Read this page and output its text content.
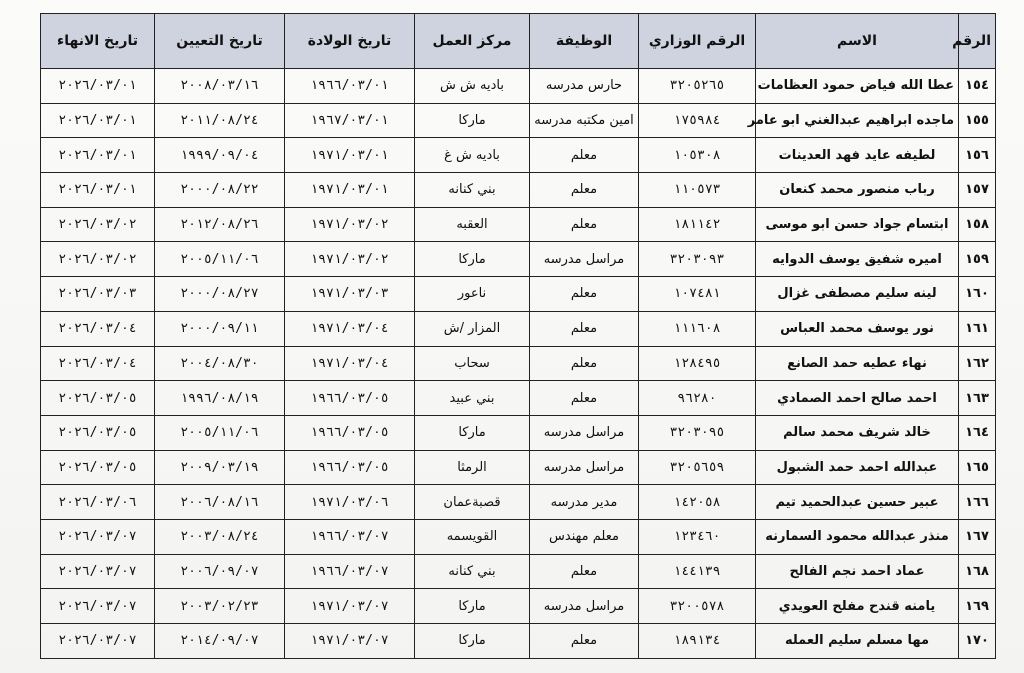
الرقم	الاسم	الرقم الوزاري	الوظيفة	مركز العمل	تاريخ الولادة	تاريخ التعيين	تاريخ الانهاء
١٥٤	عطا الله فياض حمود العظامات	٣٢٠٥٢٦٥	حارس مدرسه	باديه ش ش	١٩٦٦/٠٣/٠١	٢٠٠٨/٠٣/١٦	٢٠٢٦/٠٣/٠١
١٥٥	ماجده ابراهيم عبدالغني ابو عامر	١٧٥٩٨٤	امين مكتبه مدرسه	ماركا	١٩٦٧/٠٣/٠١	٢٠١١/٠٨/٢٤	٢٠٢٦/٠٣/٠١
١٥٦	لطيفه عايد فهد العدينات	١٠٥٣٠٨	معلم	باديه ش غ	١٩٧١/٠٣/٠١	١٩٩٩/٠٩/٠٤	٢٠٢٦/٠٣/٠١
١٥٧	رباب منصور محمد كنعان	١١٠٥٧٣	معلم	بني كنانه	١٩٧١/٠٣/٠١	٢٠٠٠/٠٨/٢٢	٢٠٢٦/٠٣/٠١
١٥٨	ابتسام جواد حسن ابو موسى	١٨١١٤٢	معلم	العقبه	١٩٧١/٠٣/٠٢	٢٠١٢/٠٨/٢٦	٢٠٢٦/٠٣/٠٢
١٥٩	اميره شفيق يوسف الدوايه	٣٢٠٣٠٩٣	مراسل مدرسه	ماركا	١٩٧١/٠٣/٠٢	٢٠٠٥/١١/٠٦	٢٠٢٦/٠٣/٠٢
١٦٠	لينه سليم مصطفى غزال	١٠٧٤٨١	معلم	ناعور	١٩٧١/٠٣/٠٣	٢٠٠٠/٠٨/٢٧	٢٠٢٦/٠٣/٠٣
١٦١	نور يوسف محمد العباس	١١١٦٠٨	معلم	المزار /ش	١٩٧١/٠٣/٠٤	٢٠٠٠/٠٩/١١	٢٠٢٦/٠٣/٠٤
١٦٢	نهاء عطيه حمد الصانع	١٢٨٤٩٥	معلم	سحاب	١٩٧١/٠٣/٠٤	٢٠٠٤/٠٨/٣٠	٢٠٢٦/٠٣/٠٤
١٦٣	احمد صالح احمد الصمادي	٩٦٢٨٠	معلم	بني عبيد	١٩٦٦/٠٣/٠٥	١٩٩٦/٠٨/١٩	٢٠٢٦/٠٣/٠٥
١٦٤	خالد شريف محمد سالم	٣٢٠٣٠٩٥	مراسل مدرسه	ماركا	١٩٦٦/٠٣/٠٥	٢٠٠٥/١١/٠٦	٢٠٢٦/٠٣/٠٥
١٦٥	عبدالله احمد حمد الشبول	٣٢٠٥٦٥٩	مراسل مدرسه	الرمثا	١٩٦٦/٠٣/٠٥	٢٠٠٩/٠٣/١٩	٢٠٢٦/٠٣/٠٥
١٦٦	عبير حسين عبدالحميد تيم	١٤٢٠٥٨	مدير مدرسه	قصبةعمان	١٩٧١/٠٣/٠٦	٢٠٠٦/٠٨/١٦	٢٠٢٦/٠٣/٠٦
١٦٧	منذر عبدالله محمود السمارنه	١٢٣٤٦٠	معلم مهندس	القويسمه	١٩٦٦/٠٣/٠٧	٢٠٠٣/٠٨/٢٤	٢٠٢٦/٠٣/٠٧
١٦٨	عماد احمد نجم الفالح	١٤٤١٣٩	معلم	بني كنانه	١٩٦٦/٠٣/٠٧	٢٠٠٦/٠٩/٠٧	٢٠٢٦/٠٣/٠٧
١٦٩	يامنه قندح مفلح العويدي	٣٢٠٠٥٧٨	مراسل مدرسه	ماركا	١٩٧١/٠٣/٠٧	٢٠٠٣/٠٢/٢٣	٢٠٢٦/٠٣/٠٧
١٧٠	مها مسلم سليم العمله	١٨٩١٣٤	معلم	ماركا	١٩٧١/٠٣/٠٧	٢٠١٤/٠٩/٠٧	٢٠٢٦/٠٣/٠٧
